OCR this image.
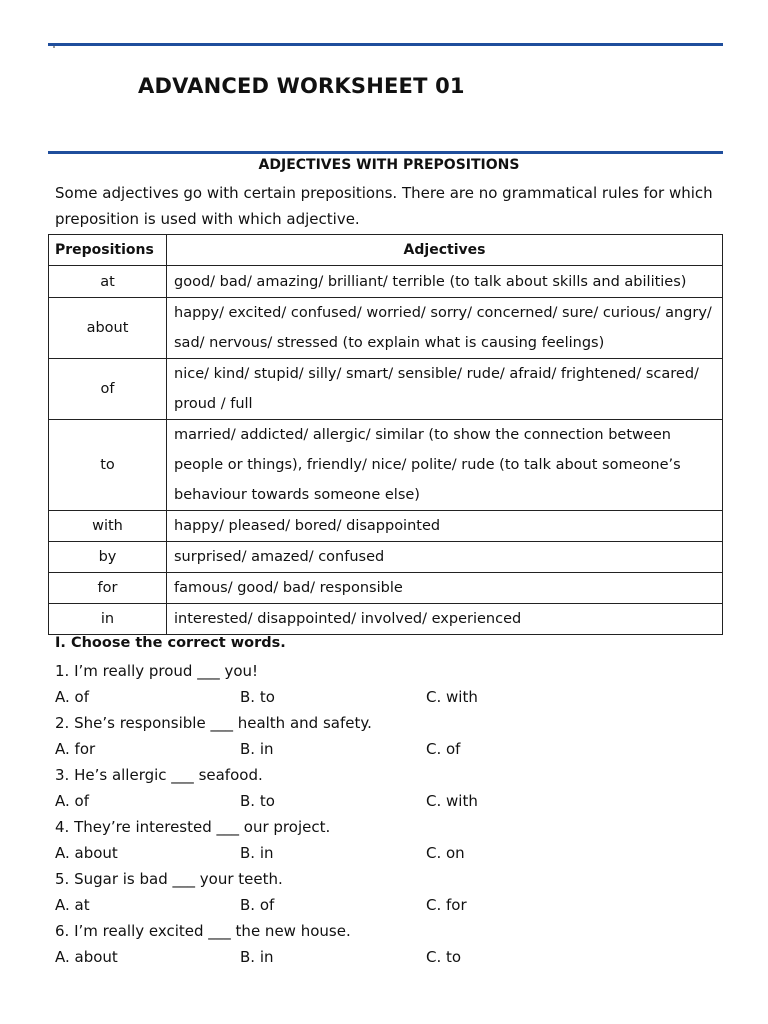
ADVANCED WORKSHEET 01
ADJECTIVES WITH PREPOSITIONS
Some adjectives go with certain prepositions. There are no grammatical rules for which preposition is used with which adjective.
Prepositions	Adjectives
at	good/ bad/ amazing/ brilliant/ terrible (to talk about skills and abilities)
about	happy/ excited/ confused/ worried/ sorry/ concerned/ sure/ curious/ angry/ sad/ nervous/ stressed (to explain what is causing feelings)
of	nice/ kind/ stupid/ silly/ smart/ sensible/ rude/ afraid/ frightened/ scared/ proud / full
to	married/ addicted/ allergic/ similar (to show the connection between people or things), friendly/ nice/ polite/ rude (to talk about someone’s behaviour towards someone else)
with	happy/ pleased/ bored/ disappointed
by	surprised/ amazed/ confused
for	famous/ good/ bad/ responsible
in	interested/ disappointed/ involved/ experienced
I. Choose the correct words.
1. I’m really proud ___ you!
A. of	B. to	C. with
2. She’s responsible ___ health and safety.
A. for	B. in	C. of
3. He’s allergic ___ seafood.
A. of	B. to	C. with
4. They’re interested ___ our project.
A. about	B. in	C. on
5. Sugar is bad ___ your teeth.
A. at	B. of	C. for
6. I’m really excited ___ the new house.
A. about	B. in	C. to
